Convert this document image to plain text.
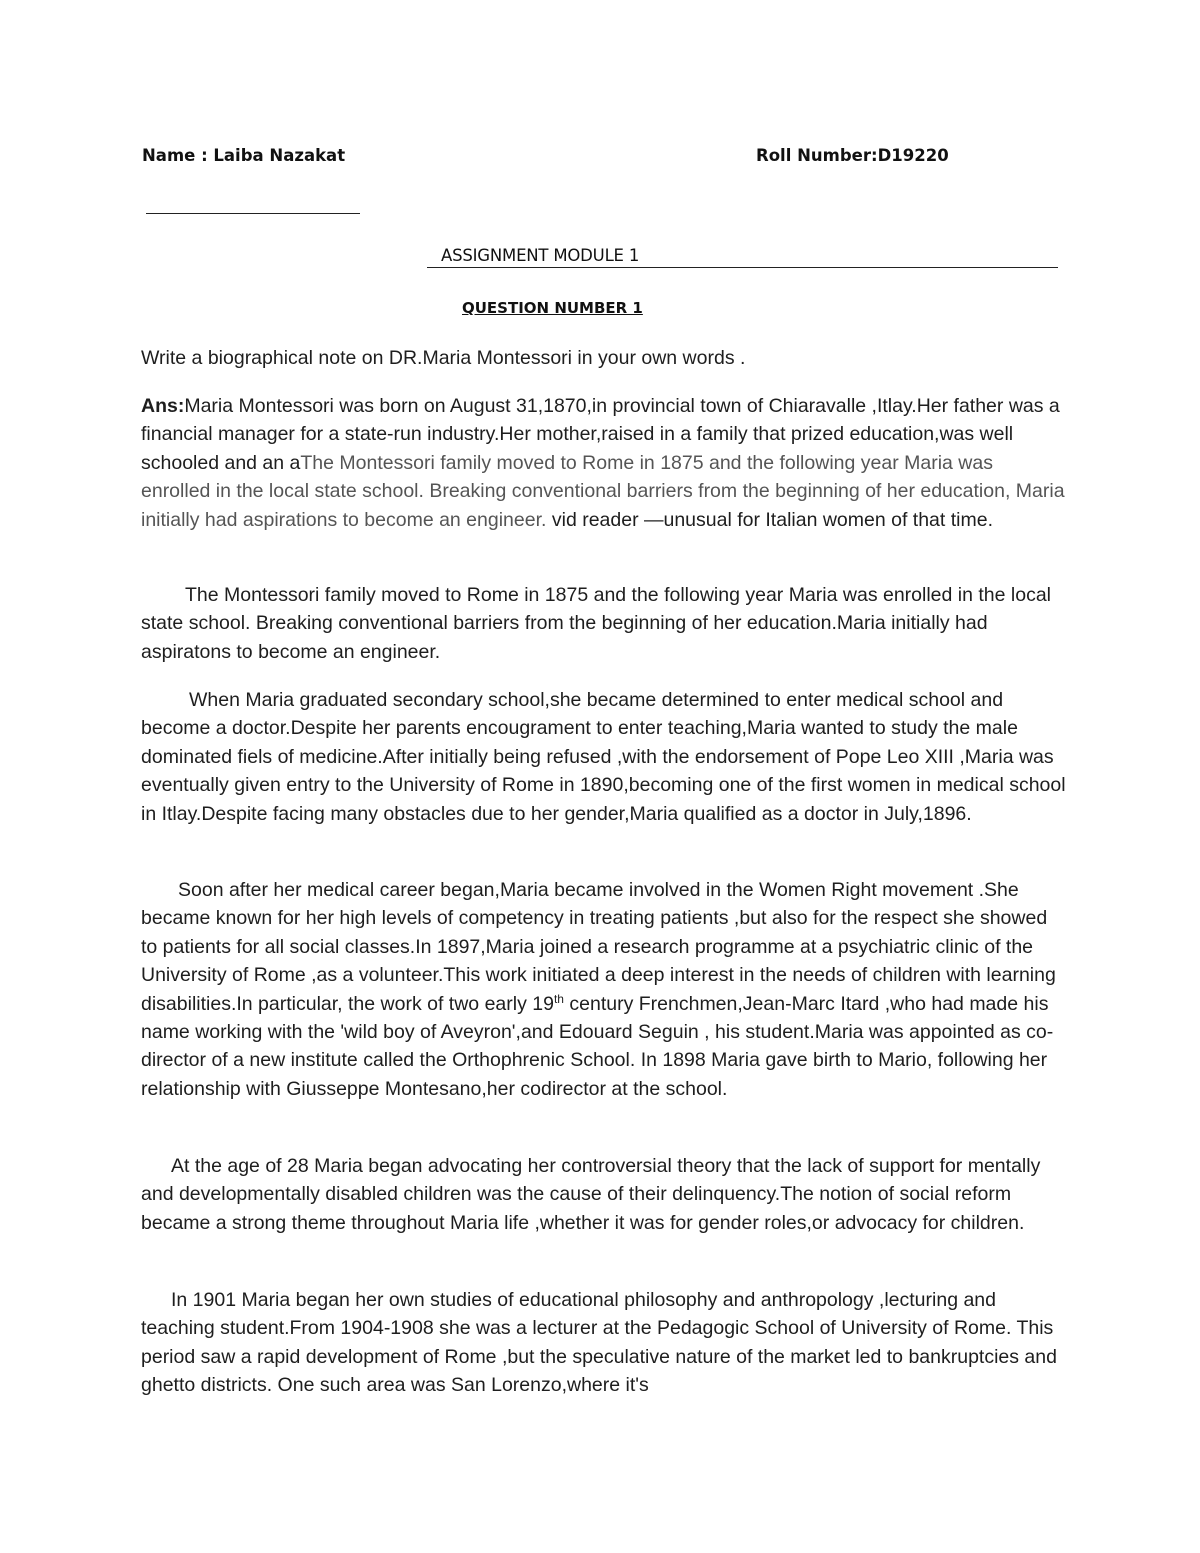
Name : Laiba Nazakat	Roll Number:D19220
ASSIGNMENT MODULE 1
QUESTION NUMBER 1

Write a biographical note on DR.Maria Montessori in your own words .

Ans:Maria Montessori was born on August 31,1870,in provincial town of Chiaravalle ,Itlay.Her father was a financial manager for a state-run industry.Her mother,raised in a family that prized education,was well schooled and an aThe Montessori family moved to Rome in 1875 and the following year Maria was enrolled in the local state school. Breaking conventional barriers from the beginning of her education, Maria initially had aspirations to become an engineer. vid reader —unusual for Italian women of that time.

The Montessori family moved to Rome in 1875 and the following year Maria was enrolled in the local state school. Breaking conventional barriers from the beginning of her education.Maria initially had aspiratons to become an engineer.

When Maria graduated secondary school,she became determined to enter medical school and become a doctor.Despite her parents encougrament to enter teaching,Maria wanted to study the male dominated fiels of medicine.After initially being refused ,with the endorsement of Pope Leo XIII ,Maria was eventually given entry to the University of Rome in 1890,becoming one of the first women in medical school in Itlay.Despite facing many obstacles due to her gender,Maria qualified as a doctor in July,1896.

Soon after her medical career began,Maria became involved in the Women Right movement .She became known for her high levels of competency in treating patients ,but also for the respect she showed to patients for all social classes.In 1897,Maria joined a research programme at a psychiatric clinic of the University of Rome ,as a volunteer.This work initiated a deep interest in the needs of children with learning disabilities.In particular, the work of two early 19th century Frenchmen,Jean-Marc Itard ,who had made his name working with the 'wild boy of Aveyron',and Edouard Seguin , his student.Maria was appointed as co-director of a new institute called the Orthophrenic School. In 1898 Maria gave birth to Mario, following her relationship with Giusseppe Montesano,her codirector at the school.

At the age of 28 Maria began advocating her controversial theory that the lack of support for mentally and developmentally disabled children was the cause of their delinquency.The notion of social reform became a strong theme throughout Maria life ,whether it was for gender roles,or advocacy for children.

In 1901 Maria began her own studies of educational philosophy and anthropology ,lecturing and teaching student.From 1904-1908 she was a lecturer at the Pedagogic School of University of Rome. This period saw a rapid development of Rome ,but the speculative nature of the market led to bankruptcies and ghetto districts. One such area was San Lorenzo,where it's
